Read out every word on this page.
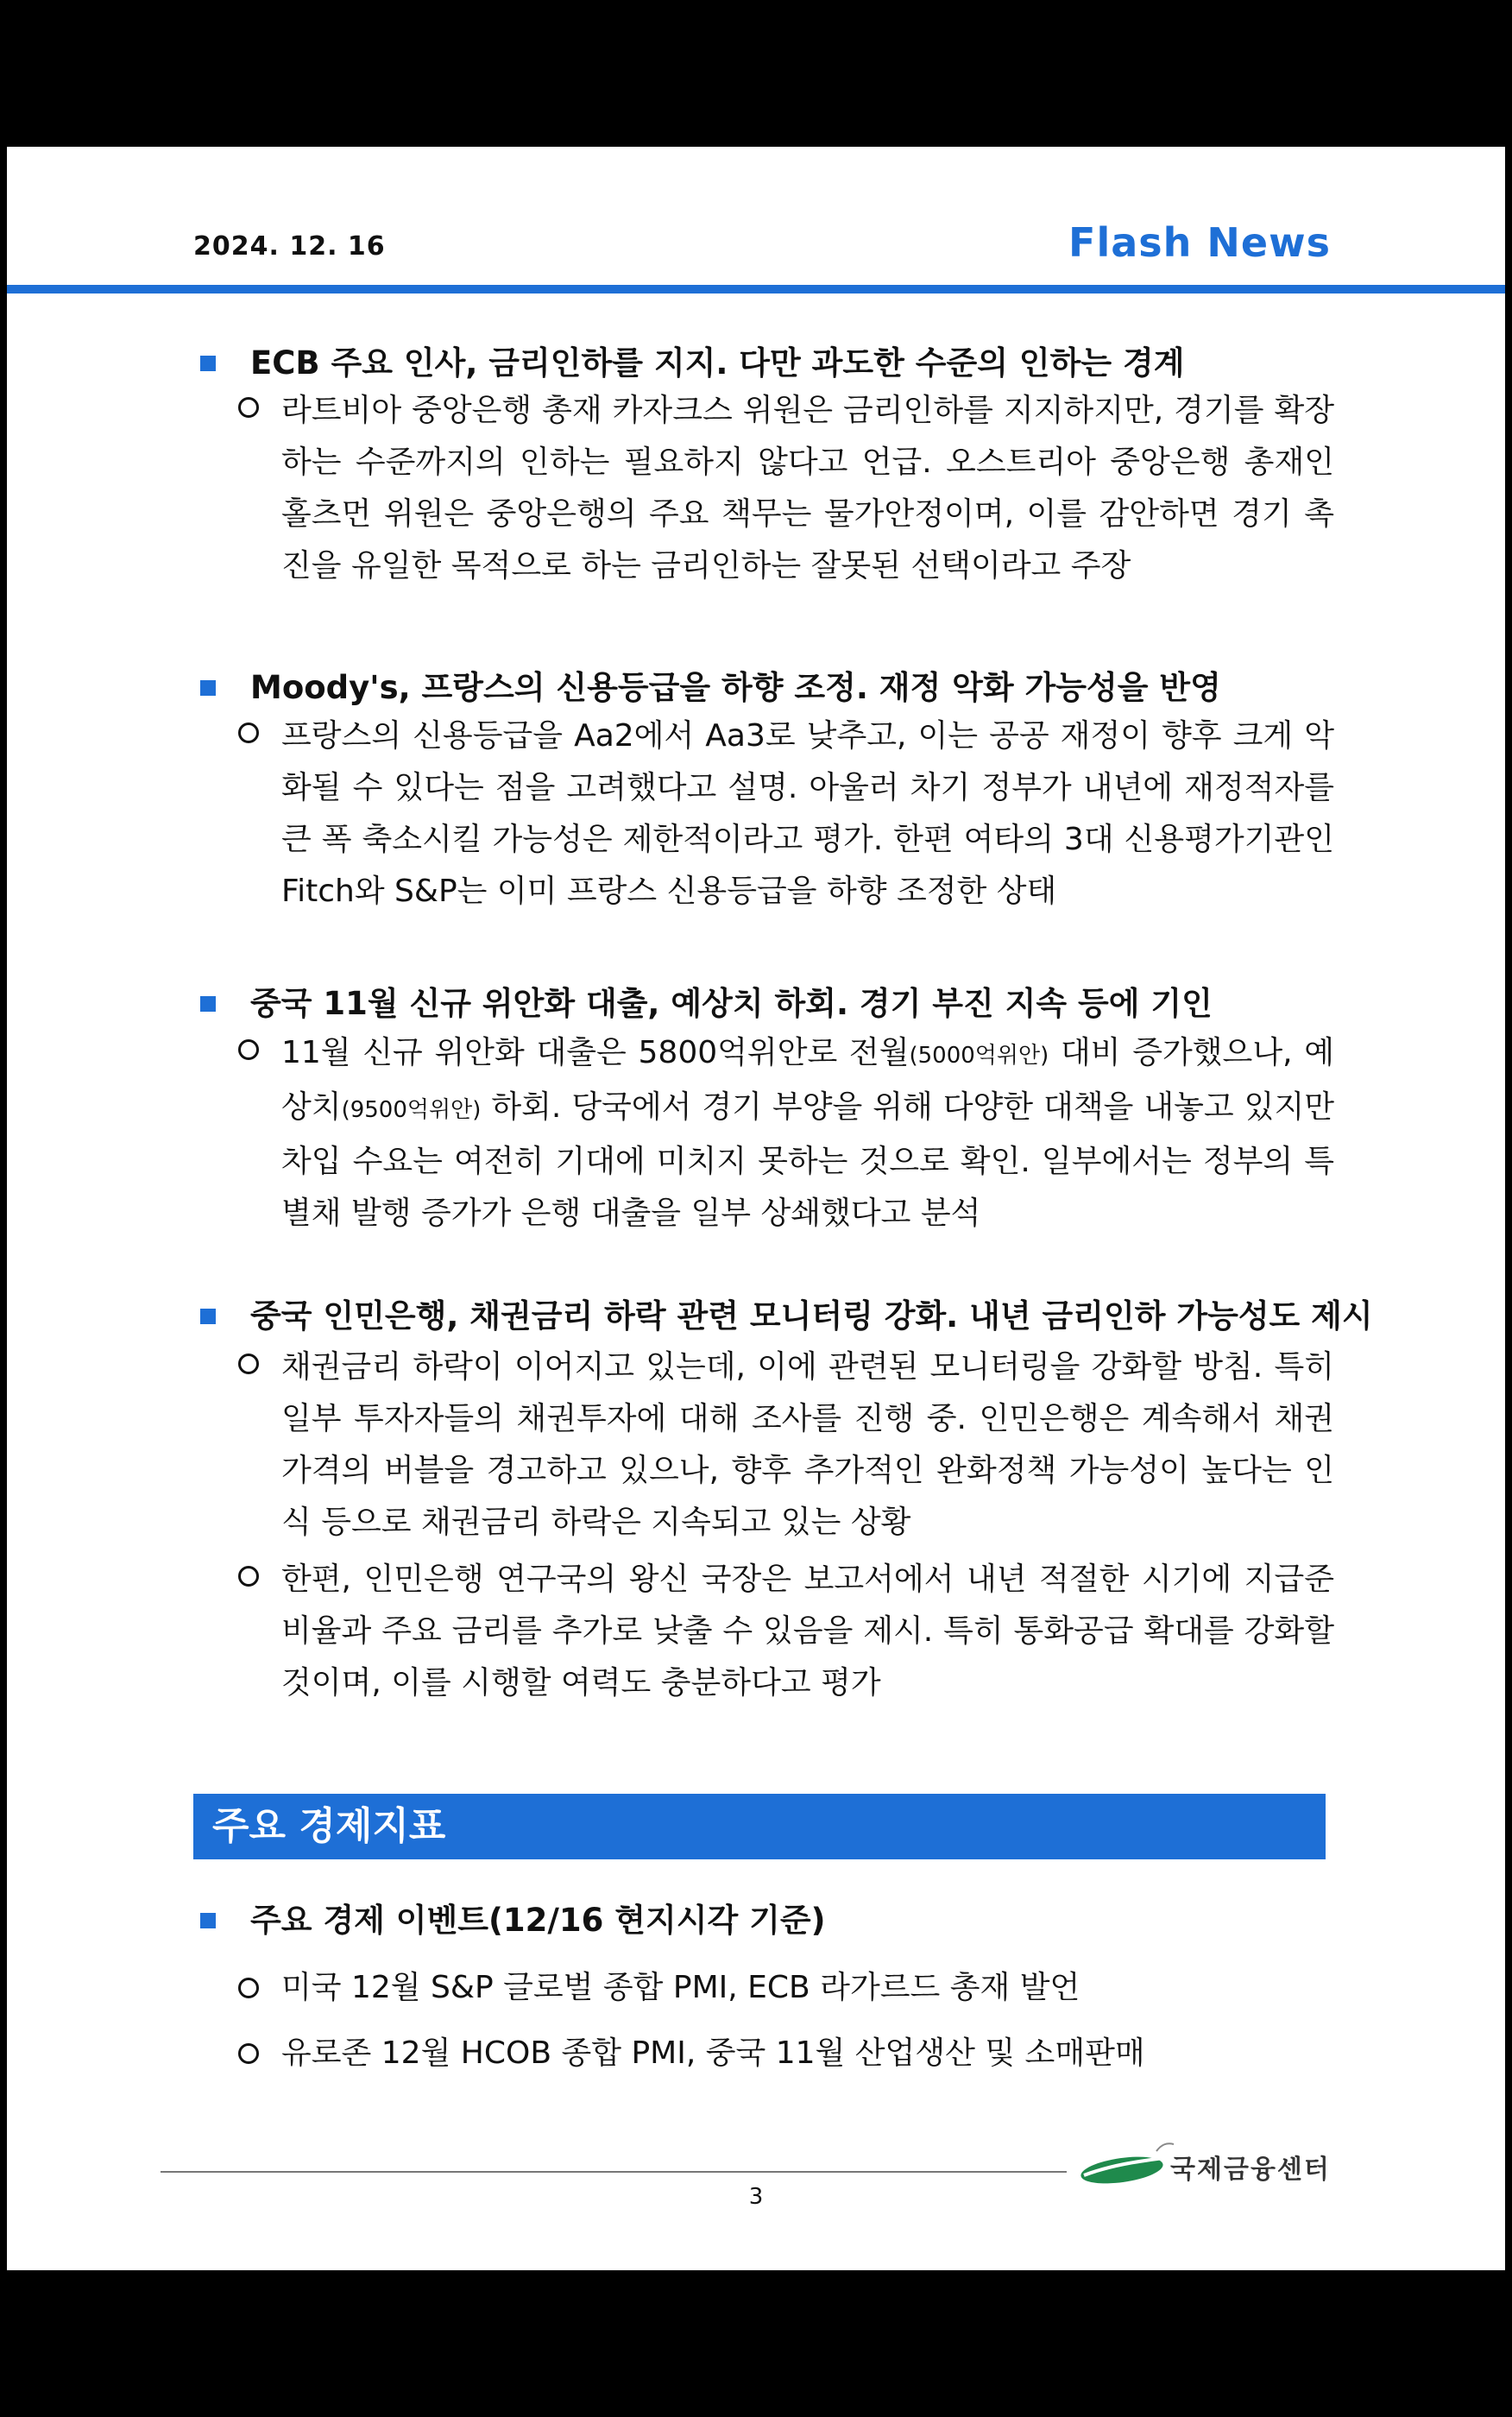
2024. 12. 16	Flash News
ECB 주요 인사, 금리인하를 지지. 다만 과도한 수준의 인하는 경계
라트비아 중앙은행 총재 카자크스 위원은 금리인하를 지지하지만, 경기를 확장하는 수준까지의 인하는 필요하지 않다고 언급. 오스트리아 중앙은행 총재인 홀츠먼 위원은 중앙은행의 주요 책무는 물가안정이며, 이를 감안하면 경기 촉진을 유일한 목적으로 하는 금리인하는 잘못된 선택이라고 주장
Moody's, 프랑스의 신용등급을 하향 조정. 재정 악화 가능성을 반영
프랑스의 신용등급을 Aa2에서 Aa3로 낮추고, 이는 공공 재정이 향후 크게 악화될 수 있다는 점을 고려했다고 설명. 아울러 차기 정부가 내년에 재정적자를 큰 폭 축소시킬 가능성은 제한적이라고 평가. 한편 여타의 3대 신용평가기관인 Fitch와 S&P는 이미 프랑스 신용등급을 하향 조정한 상태
중국 11월 신규 위안화 대출, 예상치 하회. 경기 부진 지속 등에 기인
11월 신규 위안화 대출은 5800억위안로 전월(5000억위안) 대비 증가했으나, 예상치(9500억위안) 하회. 당국에서 경기 부양을 위해 다양한 대책을 내놓고 있지만 차입 수요는 여전히 기대에 미치지 못하는 것으로 확인. 일부에서는 정부의 특별채 발행 증가가 은행 대출을 일부 상쇄했다고 분석
중국 인민은행, 채권금리 하락 관련 모니터링 강화. 내년 금리인하 가능성도 제시
채권금리 하락이 이어지고 있는데, 이에 관련된 모니터링을 강화할 방침. 특히 일부 투자자들의 채권투자에 대해 조사를 진행 중. 인민은행은 계속해서 채권가격의 버블을 경고하고 있으나, 향후 추가적인 완화정책 가능성이 높다는 인식 등으로 채권금리 하락은 지속되고 있는 상황
한편, 인민은행 연구국의 왕신 국장은 보고서에서 내년 적절한 시기에 지급준비율과 주요 금리를 추가로 낮출 수 있음을 제시. 특히 통화공급 확대를 강화할 것이며, 이를 시행할 여력도 충분하다고 평가
주요 경제지표
주요 경제 이벤트(12/16 현지시각 기준)
미국 12월 S&P 글로벌 종합 PMI, ECB 라가르드 총재 발언
유로존 12월 HCOB 종합 PMI, 중국 11월 산업생산 및 소매판매
국제금융센터
3
